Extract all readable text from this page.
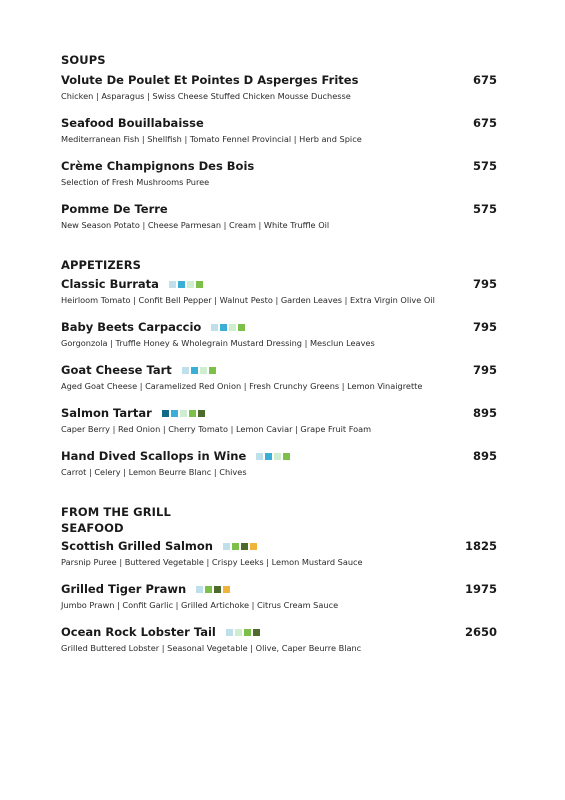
SOUPS
Volute De Poulet Et Pointes D Asperges Frites	675
Chicken | Asparagus | Swiss Cheese Stuffed Chicken Mousse Duchesse
Seafood Bouillabaisse	675
Mediterranean Fish | Shellfish | Tomato Fennel Provincial | Herb and Spice
Crème Champignons Des Bois	575
Selection of Fresh Mushrooms Puree
Pomme De Terre	575
New Season Potato | Cheese Parmesan | Cream | White Truffle Oil
APPETIZERS
Classic Burrata	795
Heirloom Tomato | Confit Bell Pepper | Walnut Pesto | Garden Leaves | Extra Virgin Olive Oil
Baby Beets Carpaccio	795
Gorgonzola | Truffle Honey & Wholegrain Mustard Dressing | Mesclun Leaves
Goat Cheese Tart	795
Aged Goat Cheese | Caramelized Red Onion | Fresh Crunchy Greens | Lemon Vinaigrette
Salmon Tartar	895
Caper Berry | Red Onion | Cherry Tomato | Lemon Caviar | Grape Fruit Foam
Hand Dived Scallops in Wine	895
Carrot | Celery | Lemon Beurre Blanc | Chives
FROM THE GRILL
SEAFOOD
Scottish Grilled Salmon	1825
Parsnip Puree | Buttered Vegetable | Crispy Leeks | Lemon Mustard Sauce
Grilled Tiger Prawn	1975
Jumbo Prawn | Confit Garlic | Grilled Artichoke | Citrus Cream Sauce
Ocean Rock Lobster Tail	2650
Grilled Buttered Lobster | Seasonal Vegetable | Olive, Caper Beurre Blanc
